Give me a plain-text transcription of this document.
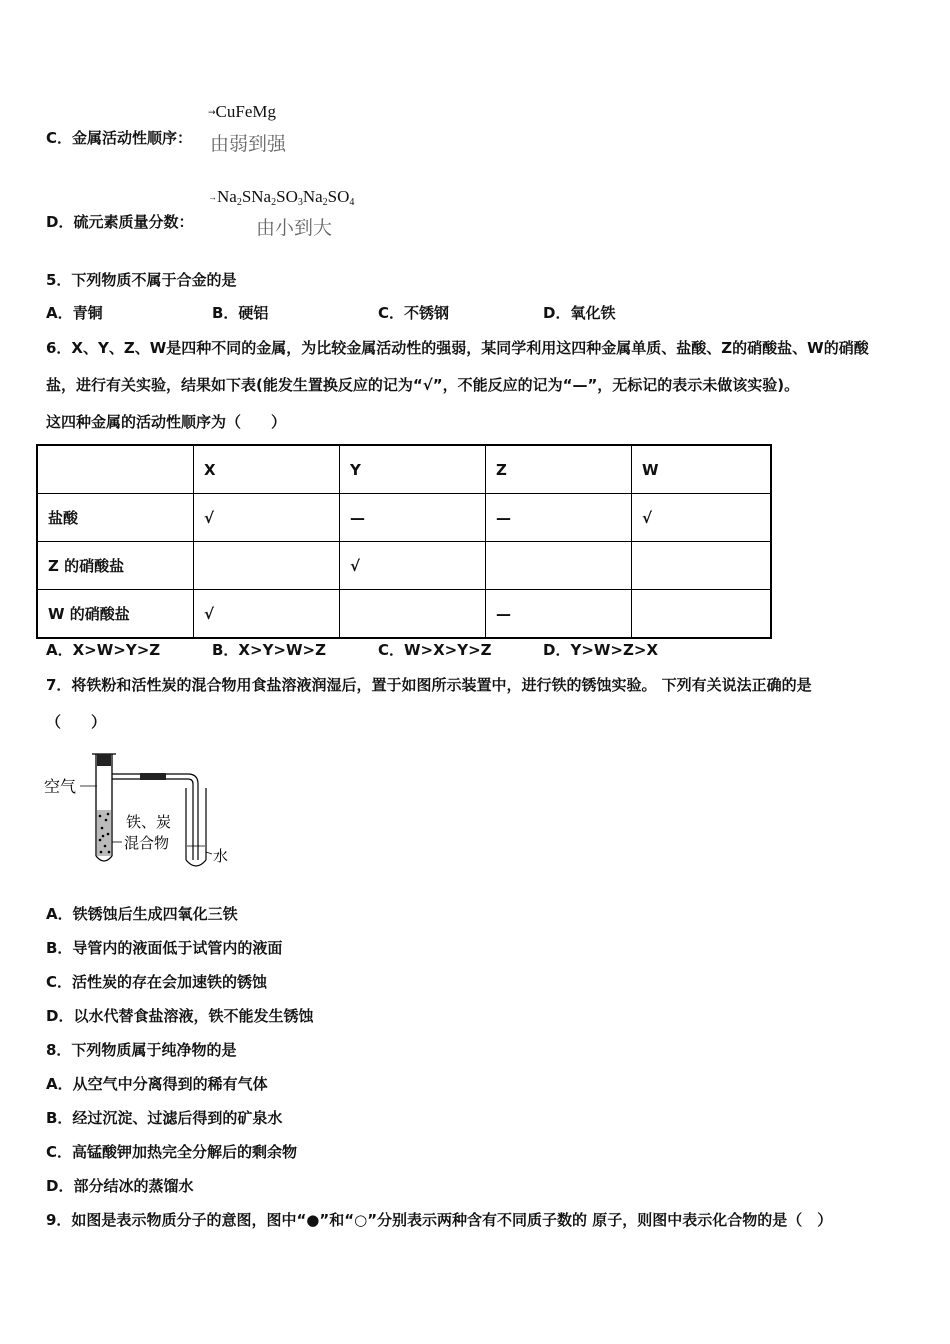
C．金属活动性顺序：
→CuFeMg
由弱到强
D．硫元素质量分数：
$\to Na_2SNa_2SO_3Na_2SO_4$
由小到大
5．下列物质不属于合金的是
A．青铜	B．硬铝	C．不锈钢	D．氧化铁
6．X、Y、Z、W是四种不同的金属，为比较金属活动性的强弱，某同学利用这四种金属单质、盐酸、Z的硝酸盐、W的硝酸
盐，进行有关实验，结果如下表(能发生置换反应的记为“√”，不能反应的记为“—”，无标记的表示未做该实验)。
这四种金属的活动性顺序为（　　）
	X	Y	Z	W
盐酸	√	—	—	√
Z 的硝酸盐		√		
W 的硝酸盐	√		—	
A．X>W>Y>Z	B．X>Y>W>Z	C．W>X>Y>Z	D．Y>W>Z>X
7．将铁粉和活性炭的混合物用食盐溶液润湿后，置于如图所示装置中，进行铁的锈蚀实验。 下列有关说法正确的是
（　　）
空气
铁、炭
混合物
水
A．铁锈蚀后生成四氧化三铁
B．导管内的液面低于试管内的液面
C．活性炭的存在会加速铁的锈蚀
D．以水代替食盐溶液，铁不能发生锈蚀
8．下列物质属于纯净物的是
A．从空气中分离得到的稀有气体
B．经过沉淀、过滤后得到的矿泉水
C．高锰酸钾加热完全分解后的剩余物
D．部分结冰的蒸馏水
9．如图是表示物质分子的意图，图中“●”和“○”分别表示两种含有不同质子数的 原子，则图中表示化合物的是（　）
